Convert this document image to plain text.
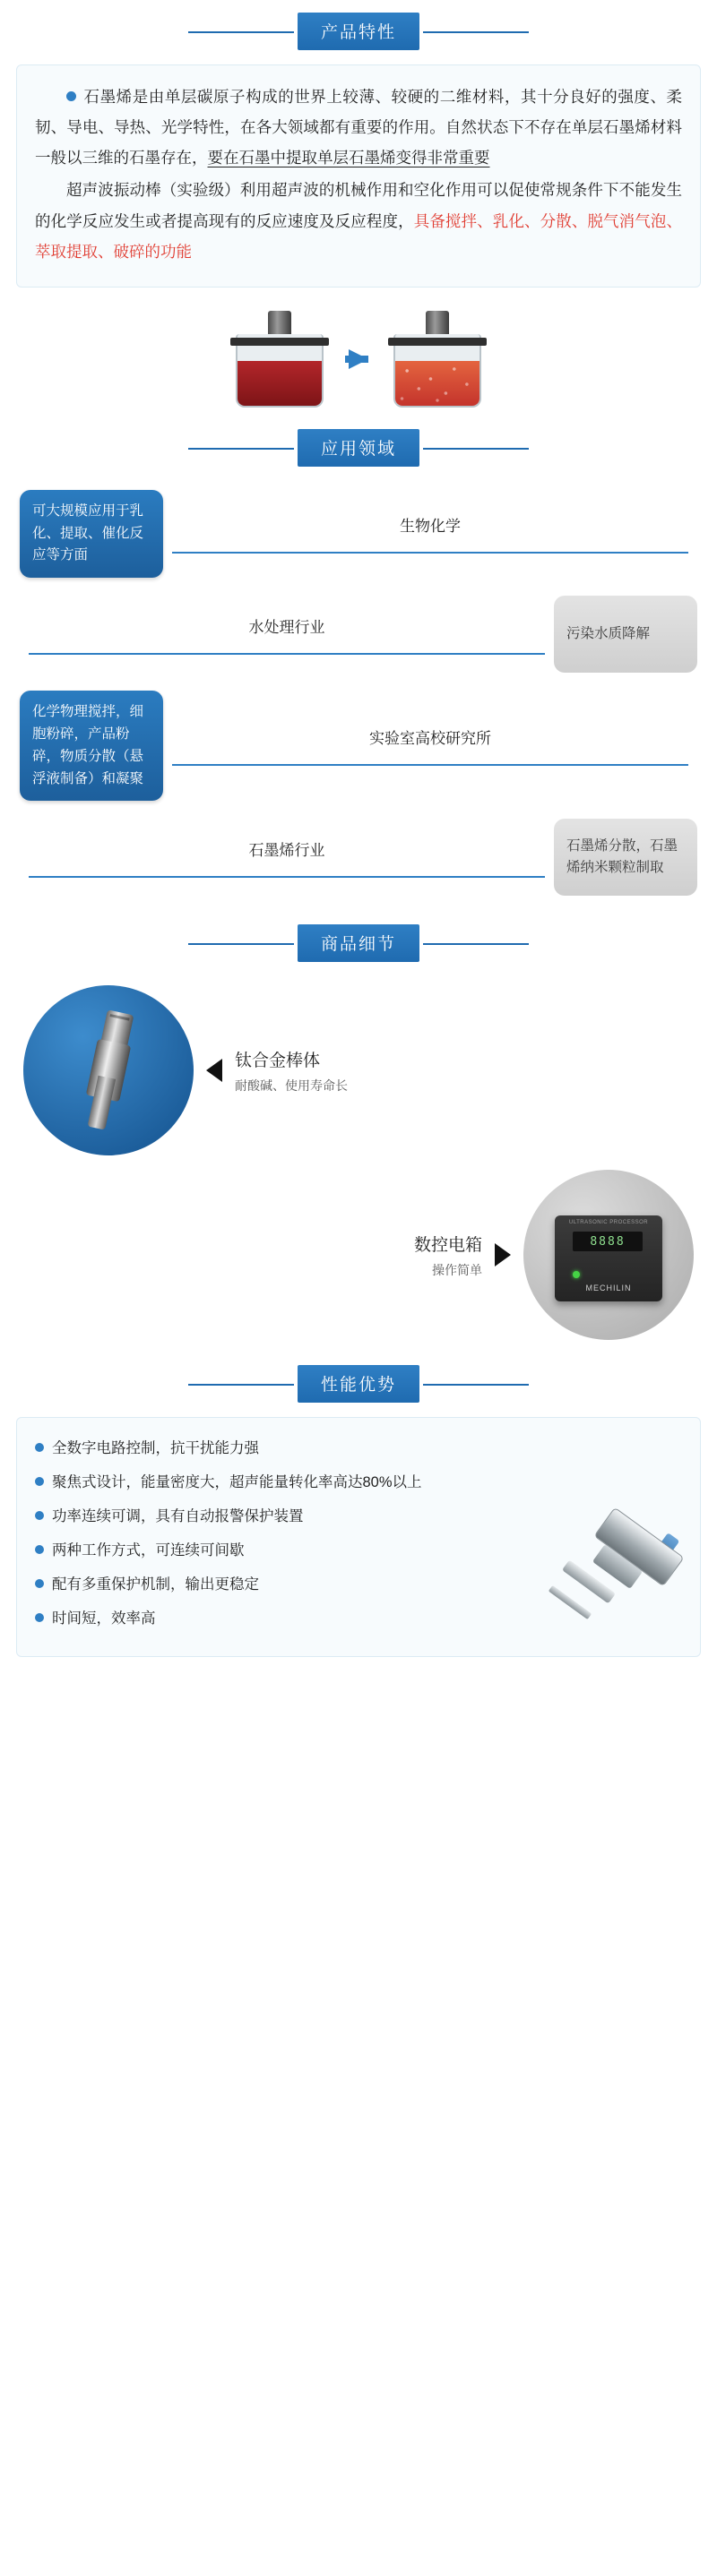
产品特性

石墨烯是由单层碳原子构成的世界上较薄、较硬的二维材料，其十分良好的强度、柔韧、导电、导热、光学特性，在各大领域都有重要的作用。自然状态下不存在单层石墨烯材料一般以三维的石墨存在，要在石墨中提取单层石墨烯变得非常重要

超声波振动棒（实验级）利用超声波的机械作用和空化作用可以促使常规条件下不能发生的化学反应发生或者提高现有的反应速度及反应程度，具备搅拌、乳化、分散、脱气消气泡、萃取提取、破碎的功能

应用领域
可大规模应用于乳化、提取、催化反应等方面
生物化学
污染水质降解
水处理行业
化学物理搅拌，细胞粉碎，产品粉碎，物质分散（悬浮液制备）和凝聚
实验室高校研究所
石墨烯分散，石墨烯纳米颗粒制取
石墨烯行业
商品细节
钛合金棒体
耐酸碱、使用寿命长
数控电箱
操作简单
ULTRASONIC PROCESSOR
8888
MECHILIN
性能优势
全数字电路控制，抗干扰能力强
聚焦式设计，能量密度大，超声能量转化率高达80%以上
功率连续可调，具有自动报警保护装置
两种工作方式，可连续可间歇
配有多重保护机制，输出更稳定
时间短，效率高
